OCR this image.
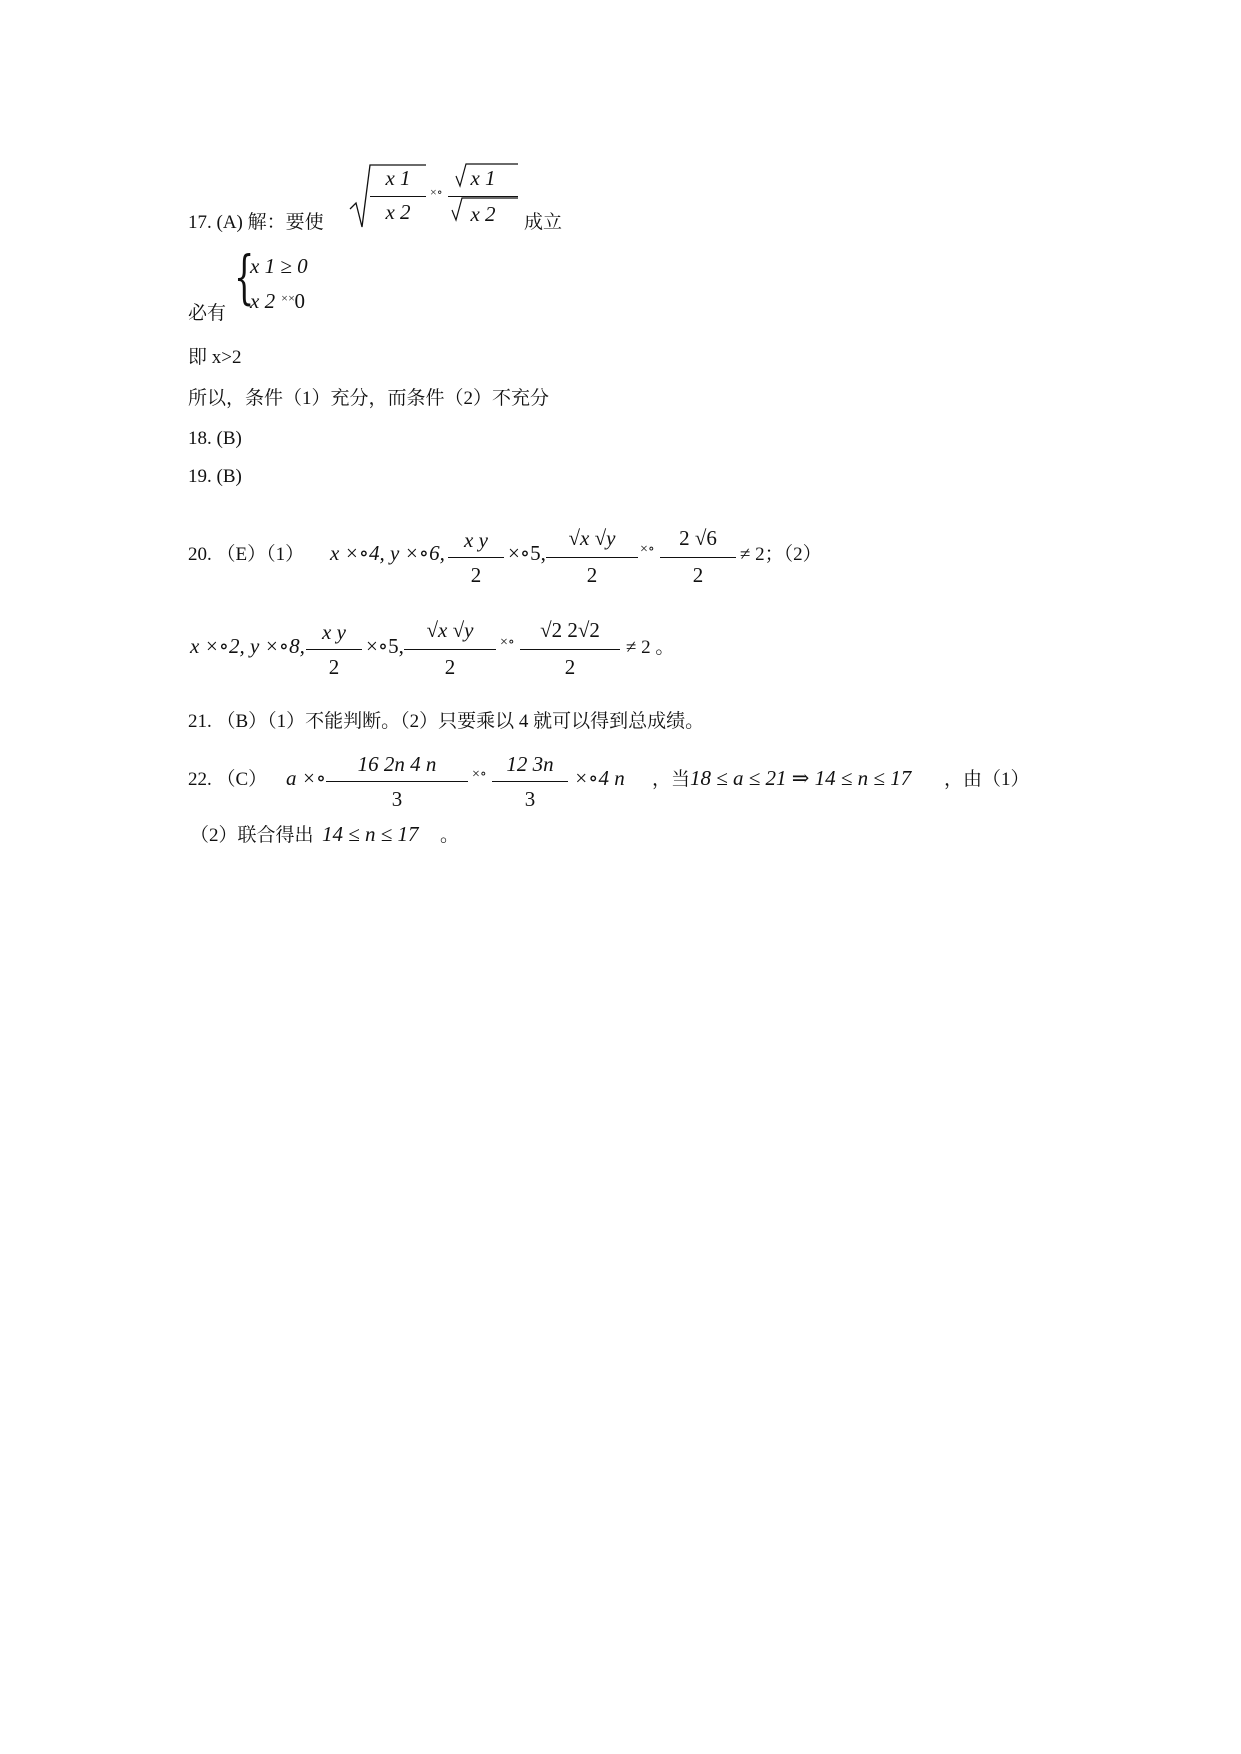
17. (A) 解：要使
x 1
x 2
×∘
x 1
x 2	成立
必有
{
x 1 ≥ 0
x 2 ××0
即 x>2
所以，条件（1）充分，而条件（2）不充分
18. (B)
19. (B)
20. （E）（1） x ×∘4, y ×∘6,
x y
2
×∘5,
√x √y
2
×∘	2 √6
2
≠ 2；（2）
x ×∘2, y ×∘8,
x y
2
×∘5,
√x √y
2
×∘
√2 2√2
2
≠ 2 。
21. （B）（1）不能判断。（2）只要乘以 4 就可以得到总成绩。
22. （C） a ×∘
16 2n 4 n
3
×∘ 12 3n
3
×∘4 n ，当 18 ≤ a ≤ 21 ⇒ 14 ≤ n ≤ 17 ，由（1）
（2）联合得出 14 ≤ n ≤ 17 。
